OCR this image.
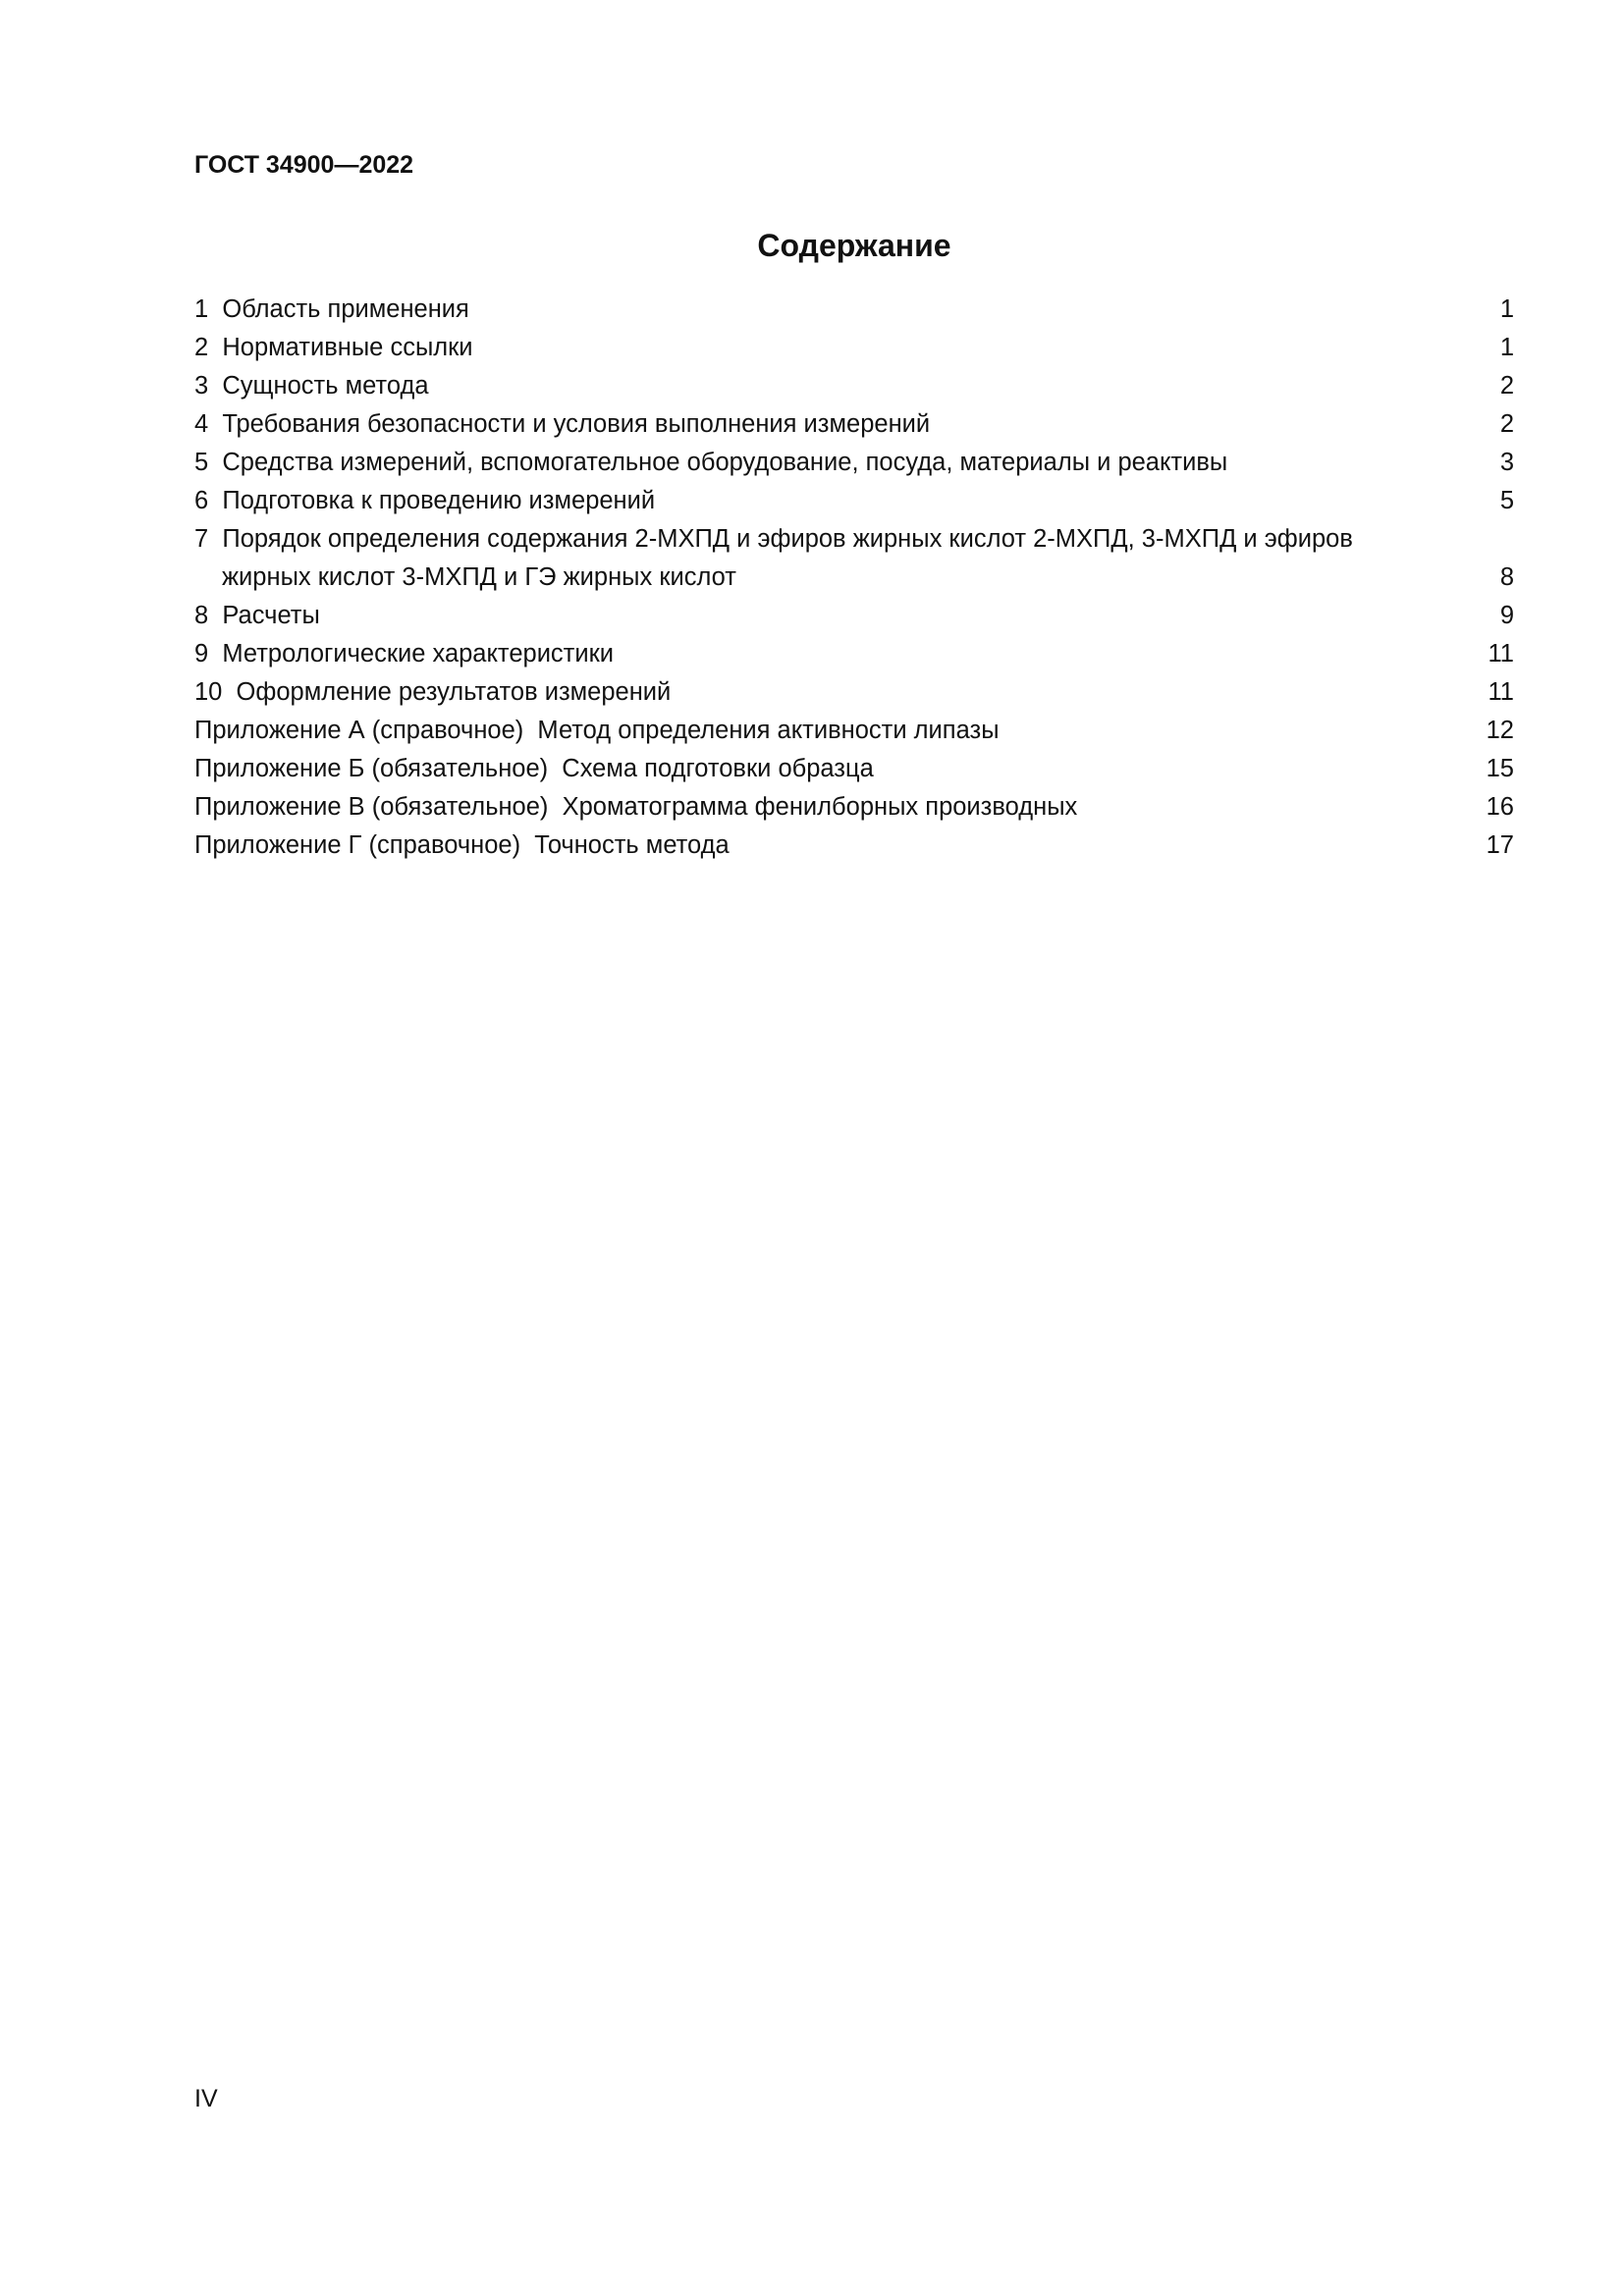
ГОСТ 34900—2022
Содержание
1 Область применения	1
2 Нормативные ссылки	1
3 Сущность метода	2
4 Требования безопасности и условия выполнения измерений	2
5 Средства измерений, вспомогательное оборудование, посуда, материалы и реактивы	3
6 Подготовка к проведению измерений	5
7  Порядок определения содержания 2-МХПД и эфиров жирных кислот 2-МХПД, 3-МХПД и эфиров
жирных кислот 3-МХПД и ГЭ жирных кислот	8
8 Расчеты	9
9 Метрологические характеристики	11
10 Оформление результатов измерений	11
Приложение А (справочное)  Метод определения активности липазы	12
Приложение Б (обязательное)  Схема подготовки образца	15
Приложение В (обязательное)  Хроматограмма фенилборных производных	16
Приложение Г (справочное)  Точность метода	17
IV
